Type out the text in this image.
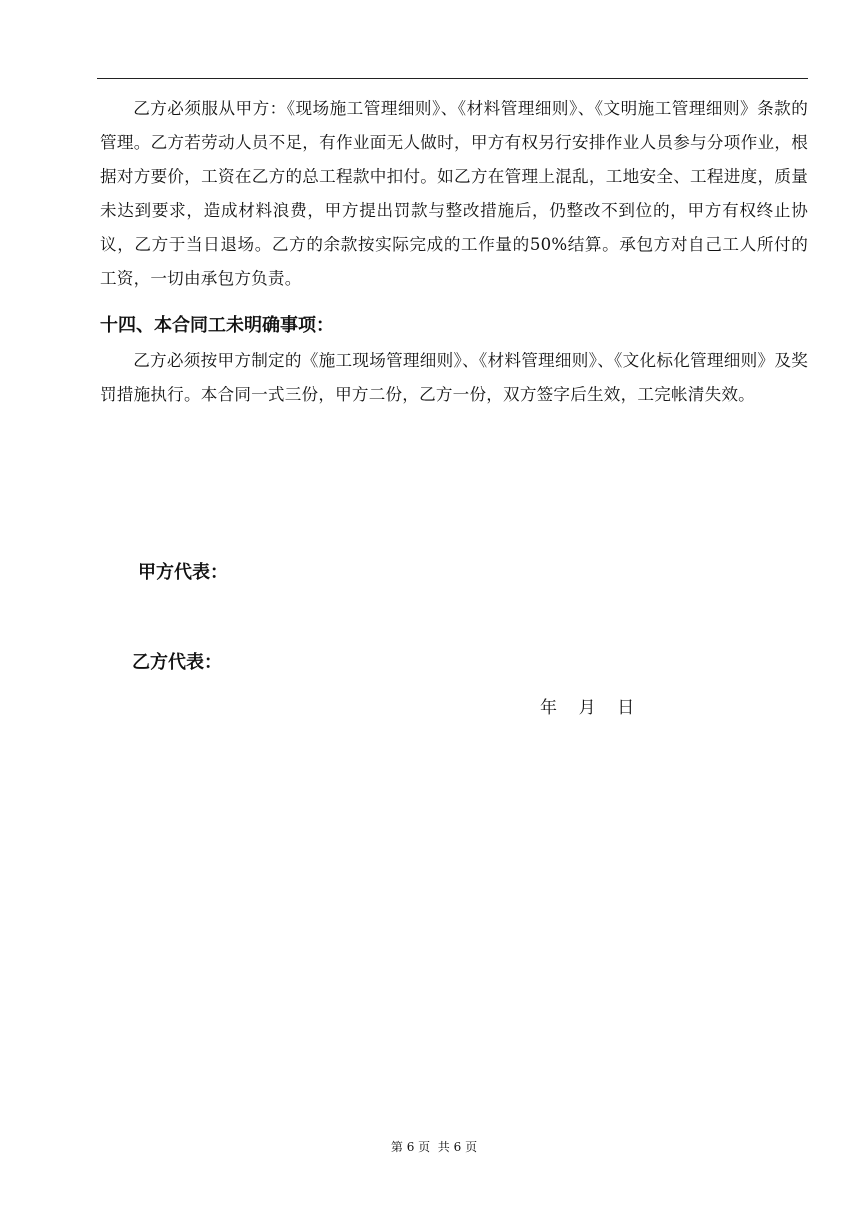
乙方必须服从甲方：《现场施工管理细则》、《材料管理细则》、《文明施工管理细则》条款的管理。乙方若劳动人员不足，有作业面无人做时，甲方有权另行安排作业人员参与分项作业，根据对方要价，工资在乙方的总工程款中扣付。如乙方在管理上混乱，工地安全、工程进度，质量未达到要求，造成材料浪费，甲方提出罚款与整改措施后，仍整改不到位的，甲方有权终止协议，乙方于当日退场。乙方的余款按实际完成的工作量的50%结算。承包方对自己工人所付的工资，一切由承包方负责。

十四、本合同工未明确事项：

乙方必须按甲方制定的《施工现场管理细则》、《材料管理细则》、《文化标化管理细则》及奖罚措施执行。本合同一式三份，甲方二份，乙方一份，双方签字后生效，工完帐清失效。

甲方代表：
乙方代表：
年    月    日
第 6 页  共 6 页
